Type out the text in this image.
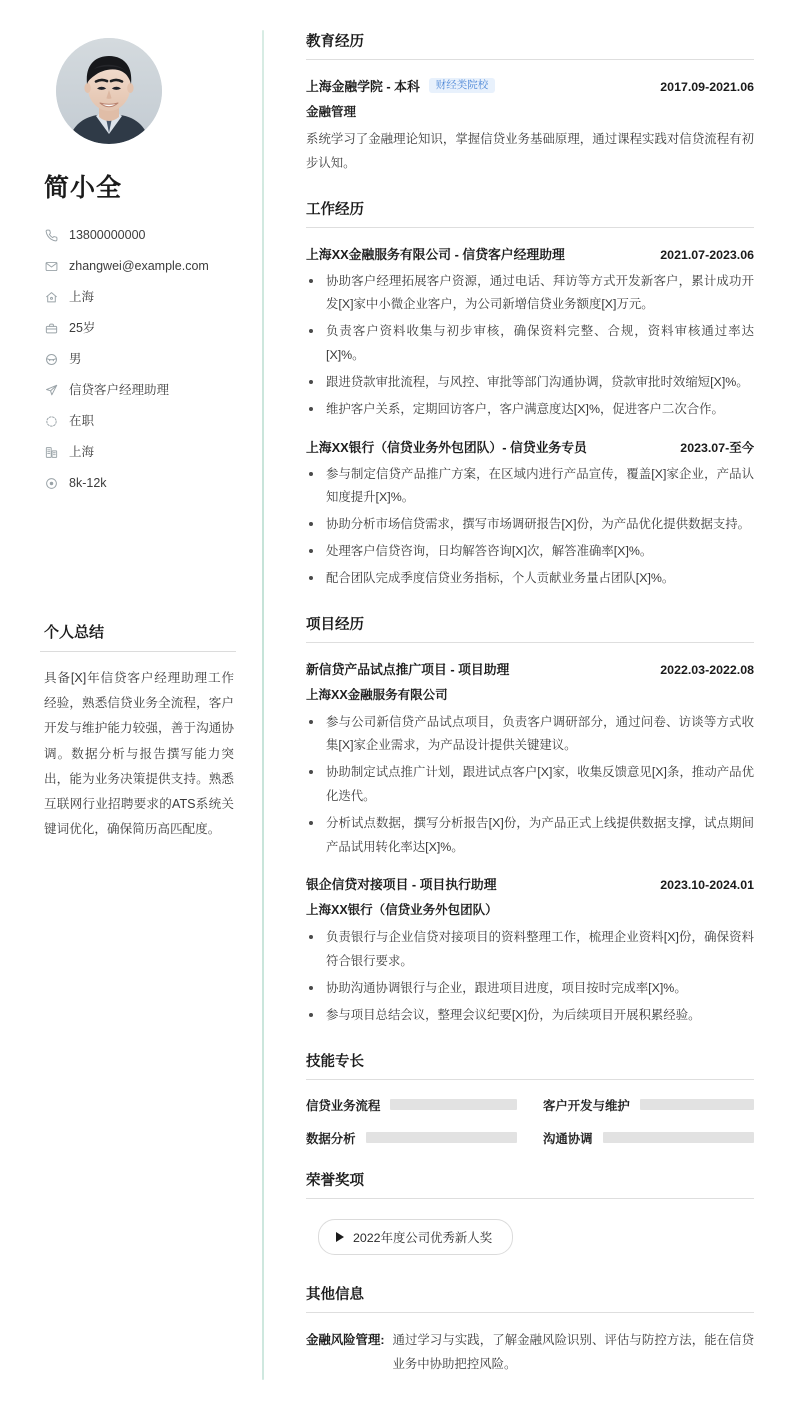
简小全
13800000000
zhangwei@example.com
上海
25岁
男
信贷客户经理助理
在职
上海
8k-12k
个人总结

具备[X]年信贷客户经理助理工作经验，熟悉信贷业务全流程，客户开发与维护能力较强，善于沟通协调。数据分析与报告撰写能力突出，能为业务决策提供支持。熟悉互联网行业招聘要求的ATS系统关键词优化，确保简历高匹配度。

教育经历
上海金融学院 - 本科	财经类院校	2017.09-2021.06
金融管理

系统学习了金融理论知识，掌握信贷业务基础原理，通过课程实践对信贷流程有初步认知。

工作经历
上海XX金融服务有限公司 - 信贷客户经理助理	2021.07-2023.06
协助客户经理拓展客户资源，通过电话、拜访等方式开发新客户，累计成功开发[X]家中小微企业客户，为公司新增信贷业务额度[X]万元。
负责客户资料收集与初步审核，确保资料完整、合规，资料审核通过率达[X]%。
跟进贷款审批流程，与风控、审批等部门沟通协调，贷款审批时效缩短[X]%。
维护客户关系，定期回访客户，客户满意度达[X]%，促进客户二次合作。
上海XX银行（信贷业务外包团队）- 信贷业务专员	2023.07-至今
参与制定信贷产品推广方案，在区域内进行产品宣传，覆盖[X]家企业，产品认知度提升[X]%。
协助分析市场信贷需求，撰写市场调研报告[X]份，为产品优化提供数据支持。
处理客户信贷咨询，日均解答咨询[X]次，解答准确率[X]%。
配合团队完成季度信贷业务指标，个人贡献业务量占团队[X]%。
项目经历
新信贷产品试点推广项目 - 项目助理	2022.03-2022.08
上海XX金融服务有限公司
参与公司新信贷产品试点项目，负责客户调研部分，通过问卷、访谈等方式收集[X]家企业需求，为产品设计提供关键建议。
协助制定试点推广计划，跟进试点客户[X]家，收集反馈意见[X]条，推动产品优化迭代。
分析试点数据，撰写分析报告[X]份，为产品正式上线提供数据支撑，试点期间产品试用转化率达[X]%。
银企信贷对接项目 - 项目执行助理	2023.10-2024.01
上海XX银行（信贷业务外包团队）
负责银行与企业信贷对接项目的资料整理工作，梳理企业资料[X]份，确保资料符合银行要求。
协助沟通协调银行与企业，跟进项目进度，项目按时完成率[X]%。
参与项目总结会议，整理会议纪要[X]份，为后续项目开展积累经验。
技能专长
信贷业务流程	客户开发与维护
数据分析	沟通协调
荣誉奖项
2022年度公司优秀新人奖
其他信息
金融风险管理: 通过学习与实践，了解金融风险识别、评估与防控方法，能在信贷业务中协助把控风险。
